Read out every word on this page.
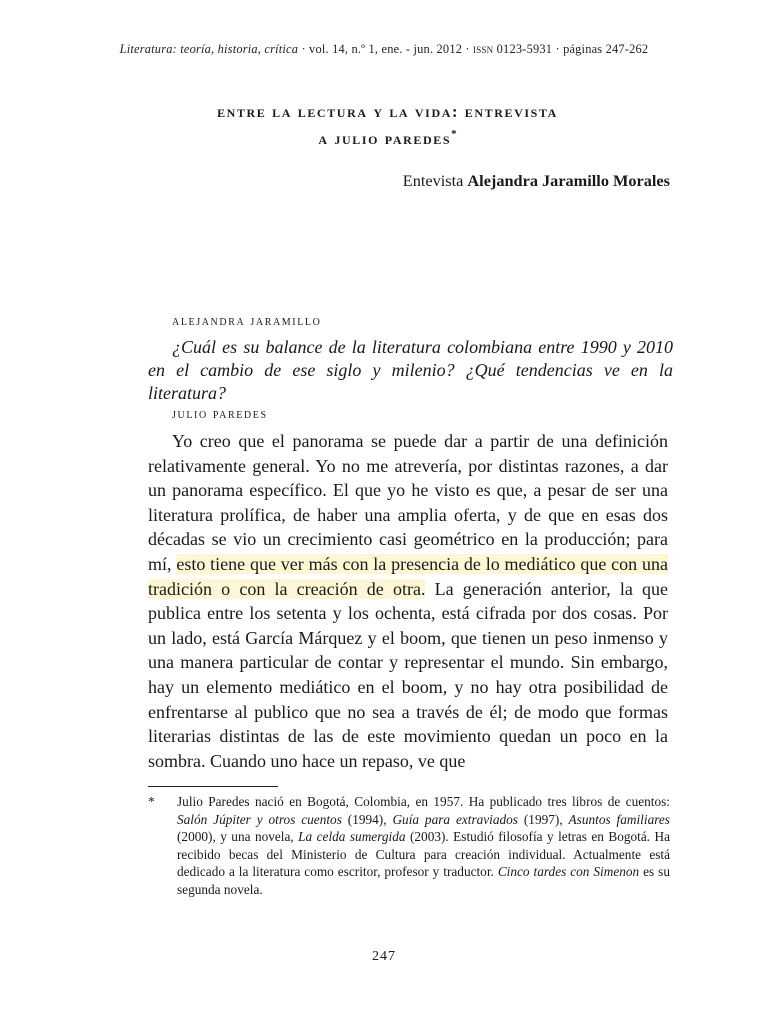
Literatura: teoría, historia, crítica · vol. 14, n.º 1, ene. - jun. 2012 · issn 0123-5931 · páginas 247-262
entre la lectura y la vida: entrevista
a julio paredes*
Entevista Alejandra Jaramillo Morales
alejandra jaramillo
¿Cuál es su balance de la literatura colombiana entre 1990 y 2010 en el cambio de ese siglo y milenio? ¿Qué tendencias ve en la literatura?
julio paredes
Yo creo que el panorama se puede dar a partir de una definición relativamente general. Yo no me atrevería, por distintas razones, a dar un panorama específico. El que yo he visto es que, a pesar de ser una literatura prolífica, de haber una amplia oferta, y de que en esas dos décadas se vio un crecimiento casi geométrico en la producción; para mí, esto tiene que ver más con la presencia de lo mediático que con una tradición o con la creación de otra. La generación anterior, la que publica entre los setenta y los ochenta, está cifrada por dos cosas. Por un lado, está García Márquez y el boom, que tienen un peso inmenso y una manera particular de contar y representar el mundo. Sin embargo, hay un elemento mediático en el boom, y no hay otra posibilidad de enfrentarse al publico que no sea a través de él; de modo que formas literarias distintas de las de este movimiento quedan un poco en la sombra. Cuando uno hace un repaso, ve que
* Julio Paredes nació en Bogotá, Colombia, en 1957. Ha publicado tres libros de cuentos: Salón Júpiter y otros cuentos (1994), Guía para extraviados (1997), Asuntos familiares (2000), y una novela, La celda sumergida (2003). Estudió filosofía y letras en Bogotá. Ha recibido becas del Ministerio de Cultura para creación individual. Actualmente está dedicado a la literatura como escritor, profesor y traductor. Cinco tardes con Simenon es su segunda novela.
247
